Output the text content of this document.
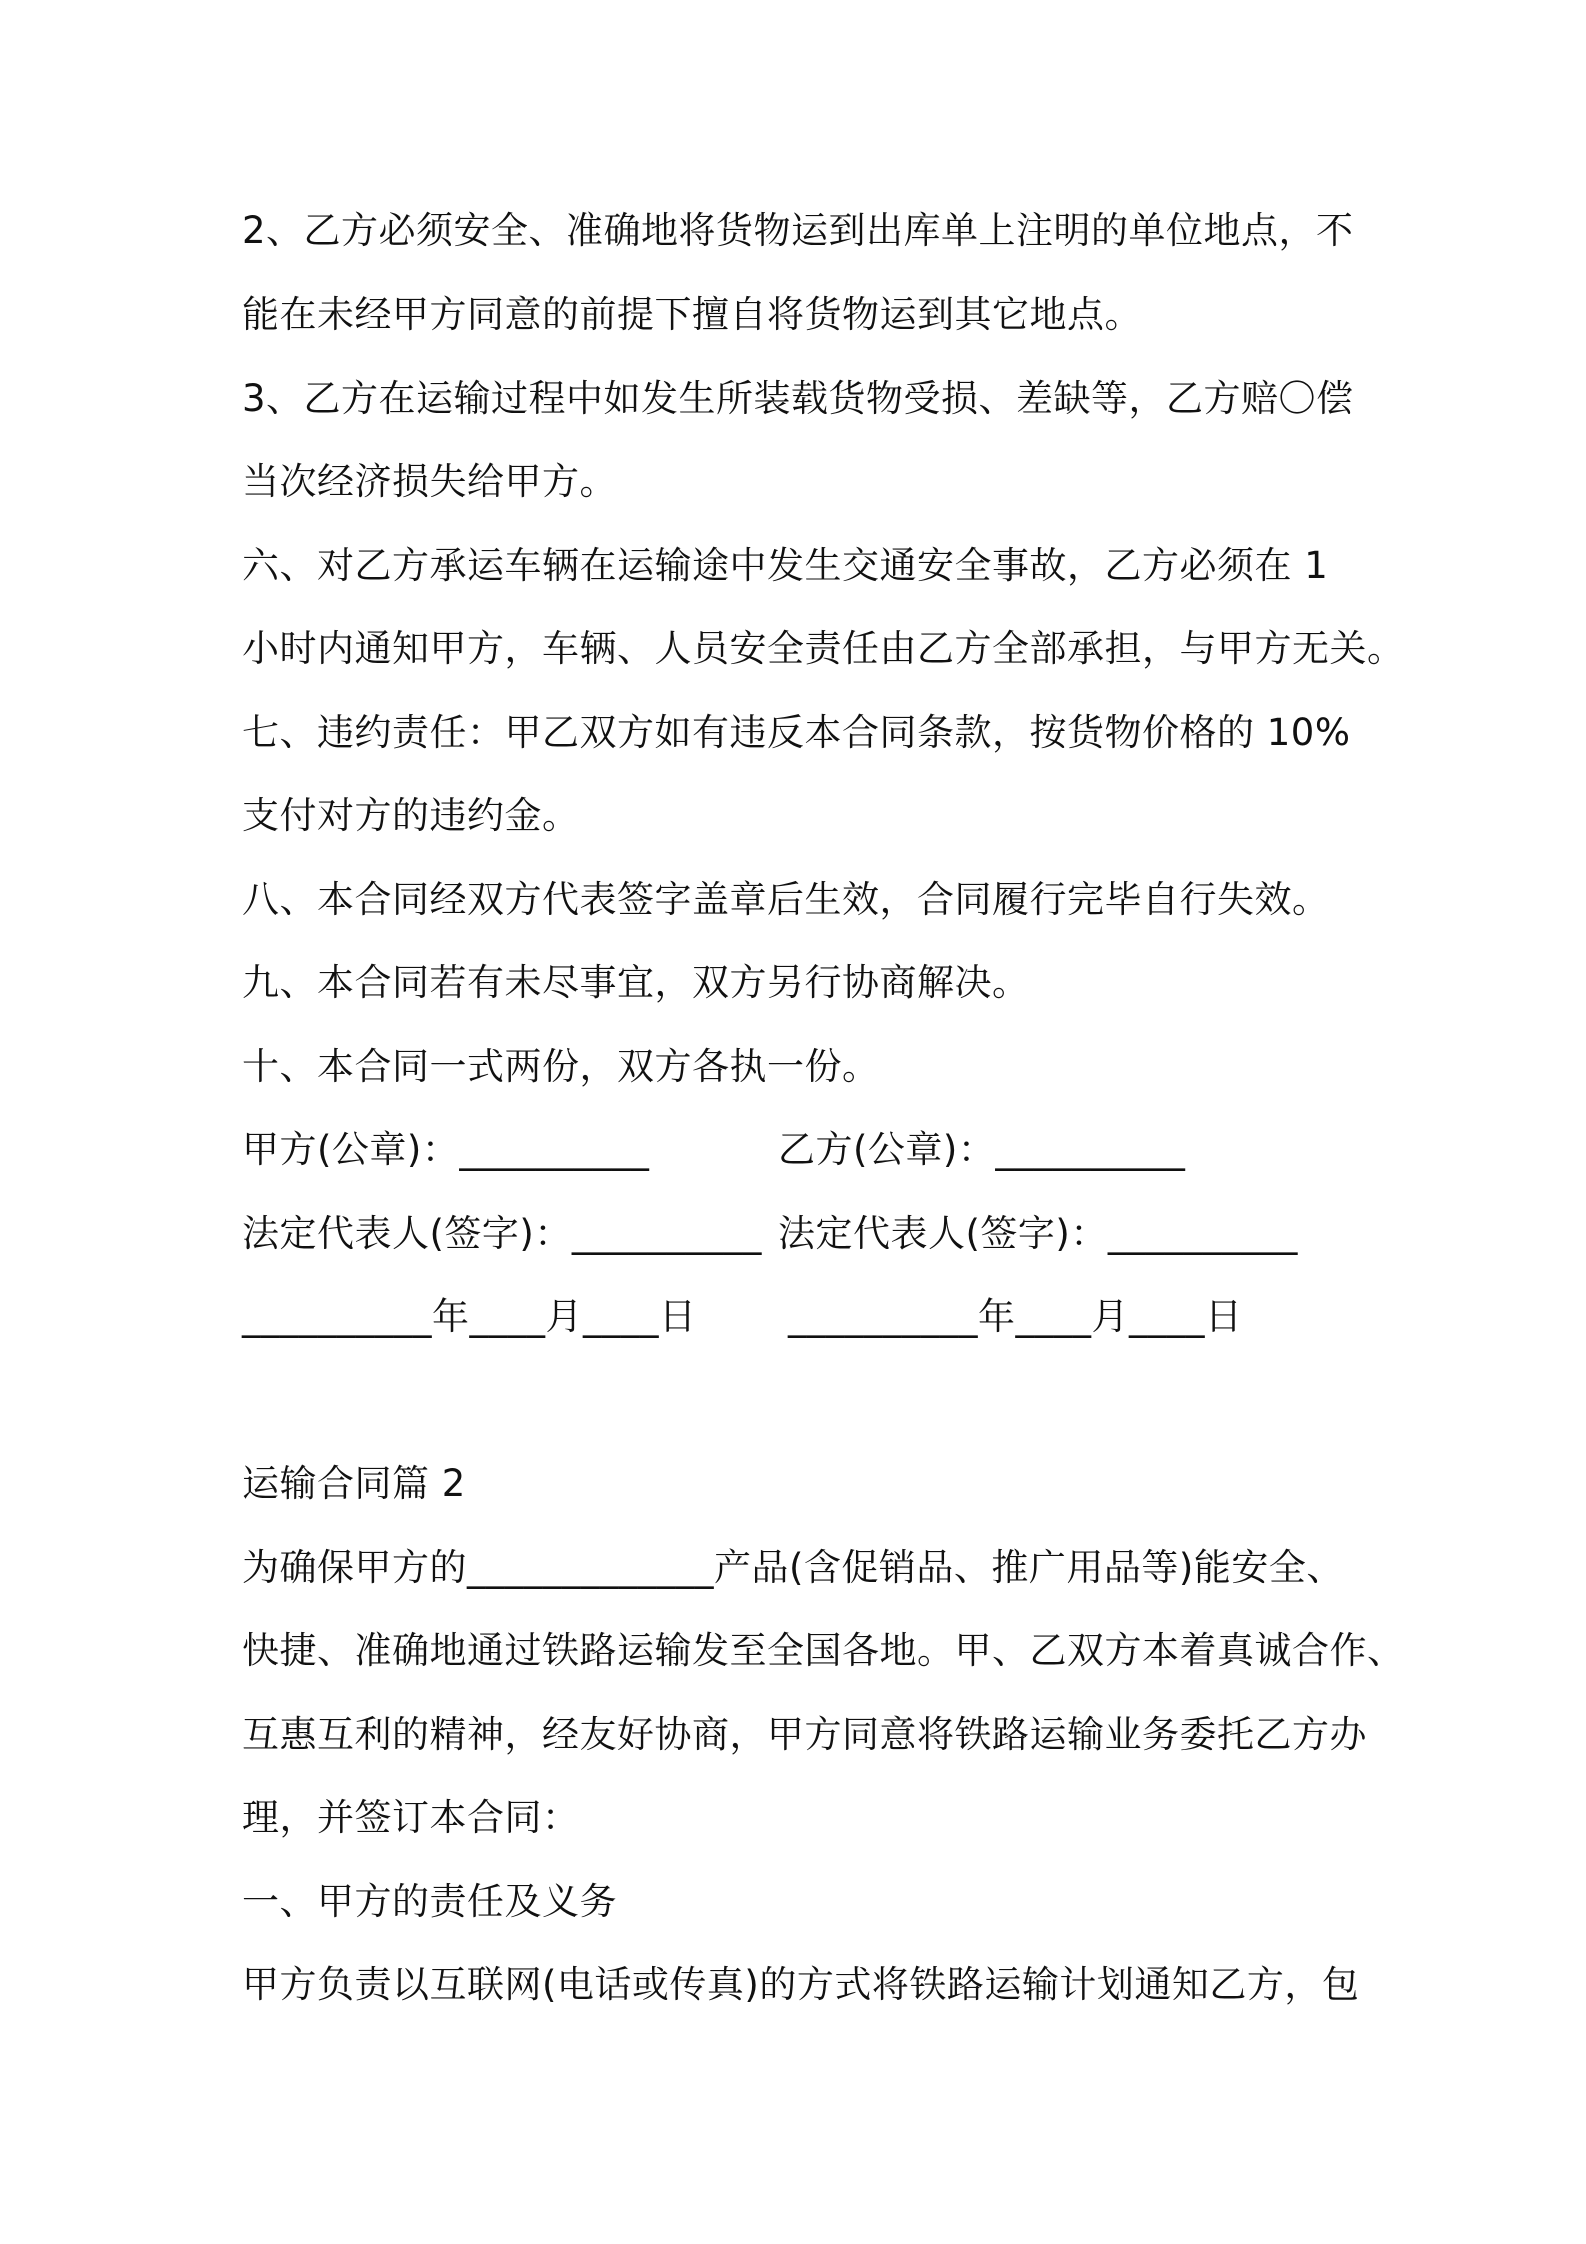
2、乙方必须安全、准确地将货物运到出库单上注明的单位地点，不
能在未经甲方同意的前提下擅自将货物运到其它地点。
3、乙方在运输过程中如发生所装载货物受损、差缺等，乙方赔〇偿
当次经济损失给甲方。
六、对乙方承运车辆在运输途中发生交通安全事故，乙方必须在 1
小时内通知甲方，车辆、人员安全责任由乙方全部承担，与甲方无关。
七、违约责任：甲乙双方如有违反本合同条款，按货物价格的 10%
支付对方的违约金。
八、本合同经双方代表签字盖章后生效，合同履行完毕自行失效。
九、本合同若有未尽事宜，双方另行协商解决。
十、本合同一式两份，双方各执一份。
甲方(公章)：__________	乙方(公章)：__________
法定代表人(签字)：__________ 法定代表人(签字)：__________
__________年____月____日 __________年____月____日
运输合同篇 2
为确保甲方的_____________产品(含促销品、推广用品等)能安全、
快捷、准确地通过铁路运输发至全国各地。甲、乙双方本着真诚合作、
互惠互利的精神，经友好协商，甲方同意将铁路运输业务委托乙方办
理，并签订本合同：
一、甲方的责任及义务
甲方负责以互联网(电话或传真)的方式将铁路运输计划通知乙方，包
